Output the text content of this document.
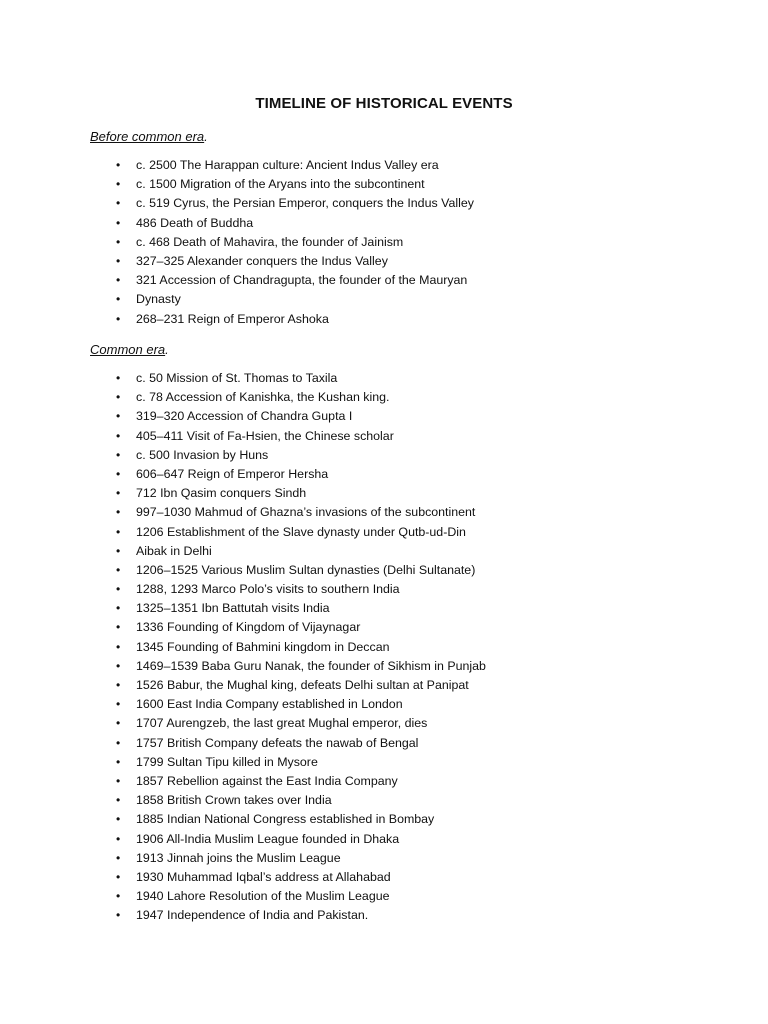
TIMELINE OF HISTORICAL EVENTS
Before common era.
• c. 2500 The Harappan culture: Ancient Indus Valley era
• c. 1500 Migration of the Aryans into the subcontinent
• c. 519 Cyrus, the Persian Emperor, conquers the Indus Valley
• 486 Death of Buddha
• c. 468 Death of Mahavira, the founder of Jainism
• 327–325 Alexander conquers the Indus Valley
• 321 Accession of Chandragupta, the founder of the Mauryan
• Dynasty
• 268–231 Reign of Emperor Ashoka
Common era.
• c. 50 Mission of St. Thomas to Taxila
• c. 78 Accession of Kanishka, the Kushan king.
• 319–320 Accession of Chandra Gupta I
• 405–411 Visit of Fa-Hsien, the Chinese scholar
• c. 500 Invasion by Huns
• 606–647 Reign of Emperor Hersha
• 712 Ibn Qasim conquers Sindh
• 997–1030 Mahmud of Ghazna’s invasions of the subcontinent
• 1206 Establishment of the Slave dynasty under Qutb-ud-Din
• Aibak in Delhi
• 1206–1525 Various Muslim Sultan dynasties (Delhi Sultanate)
• 1288, 1293 Marco Polo’s visits to southern India
• 1325–1351 Ibn Battutah visits India
• 1336 Founding of Kingdom of Vijaynagar
• 1345 Founding of Bahmini kingdom in Deccan
• 1469–1539 Baba Guru Nanak, the founder of Sikhism in Punjab
• 1526 Babur, the Mughal king, defeats Delhi sultan at Panipat
• 1600 East India Company established in London
• 1707 Aurengzeb, the last great Mughal emperor, dies
• 1757 British Company defeats the nawab of Bengal
• 1799 Sultan Tipu killed in Mysore
• 1857 Rebellion against the East India Company
• 1858 British Crown takes over India
• 1885 Indian National Congress established in Bombay
• 1906 All-India Muslim League founded in Dhaka
• 1913 Jinnah joins the Muslim League
• 1930 Muhammad Iqbal’s address at Allahabad
• 1940 Lahore Resolution of the Muslim League
• 1947 Independence of India and Pakistan.
